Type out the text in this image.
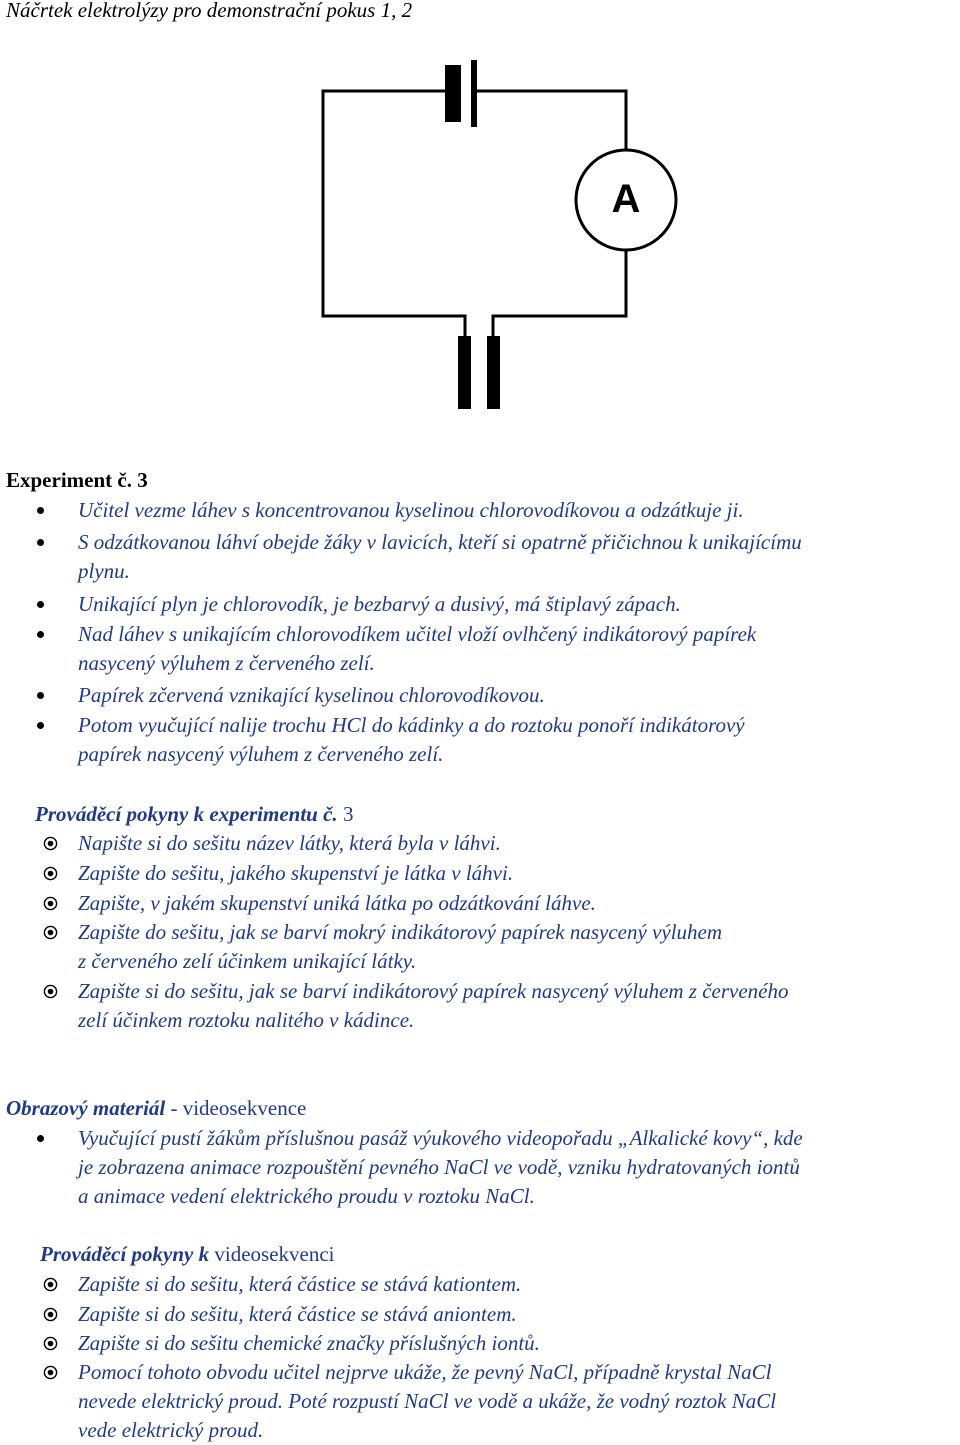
Náčrtek elektrolýzy pro demonstrační pokus 1, 2
A
Experiment č. 3
Učitel vezme láhev s koncentrovanou kyselinou chlorovodíkovou a odzátkuje ji.
S odzátkovanou láhví obejde žáky v lavicích, kteří si opatrně přičichnou k unikajícímu
plynu.
Unikající plyn je chlorovodík, je bezbarvý a dusivý, má štiplavý zápach.
Nad láhev s unikajícím chlorovodíkem učitel vloží ovlhčený indikátorový papírek
nasycený výluhem z červeného zelí.
Papírek zčervená vznikající kyselinou chlorovodíkovou.
Potom vyučující nalije trochu HCl do kádinky a do roztoku ponoří indikátorový
papírek nasycený výluhem z červeného zelí.
Prováděcí pokyny k experimentu č. 3
Napište si do sešitu název látky, která byla v láhvi.
Zapište do sešitu, jakého skupenství je látka v láhvi.
Zapište, v jakém skupenství uniká látka po odzátkování láhve.
Zapište do sešitu, jak se barví mokrý indikátorový papírek nasycený výluhem
z červeného zelí účinkem unikající látky.
Zapište si do sešitu, jak se barví indikátorový papírek nasycený výluhem z červeného
zelí účinkem roztoku nalitého v kádince.
Obrazový materiál - videosekvence
Vyučující pustí žákům příslušnou pasáž výukového videopořadu „Alkalické kovy“, kde
je zobrazena animace rozpouštění pevného NaCl ve vodě, vzniku hydratovaných iontů
a animace vedení elektrického proudu v roztoku NaCl.
Prováděcí pokyny k videosekvenci
Zapište si do sešitu, která částice se stává kationtem.
Zapište si do sešitu, která částice se stává aniontem.
Zapište si do sešitu chemické značky příslušných iontů.
Pomocí tohoto obvodu učitel nejprve ukáže, že pevný NaCl, případně krystal NaCl
nevede elektrický proud. Poté rozpustí NaCl ve vodě a ukáže, že vodný roztok NaCl
vede elektrický proud.
